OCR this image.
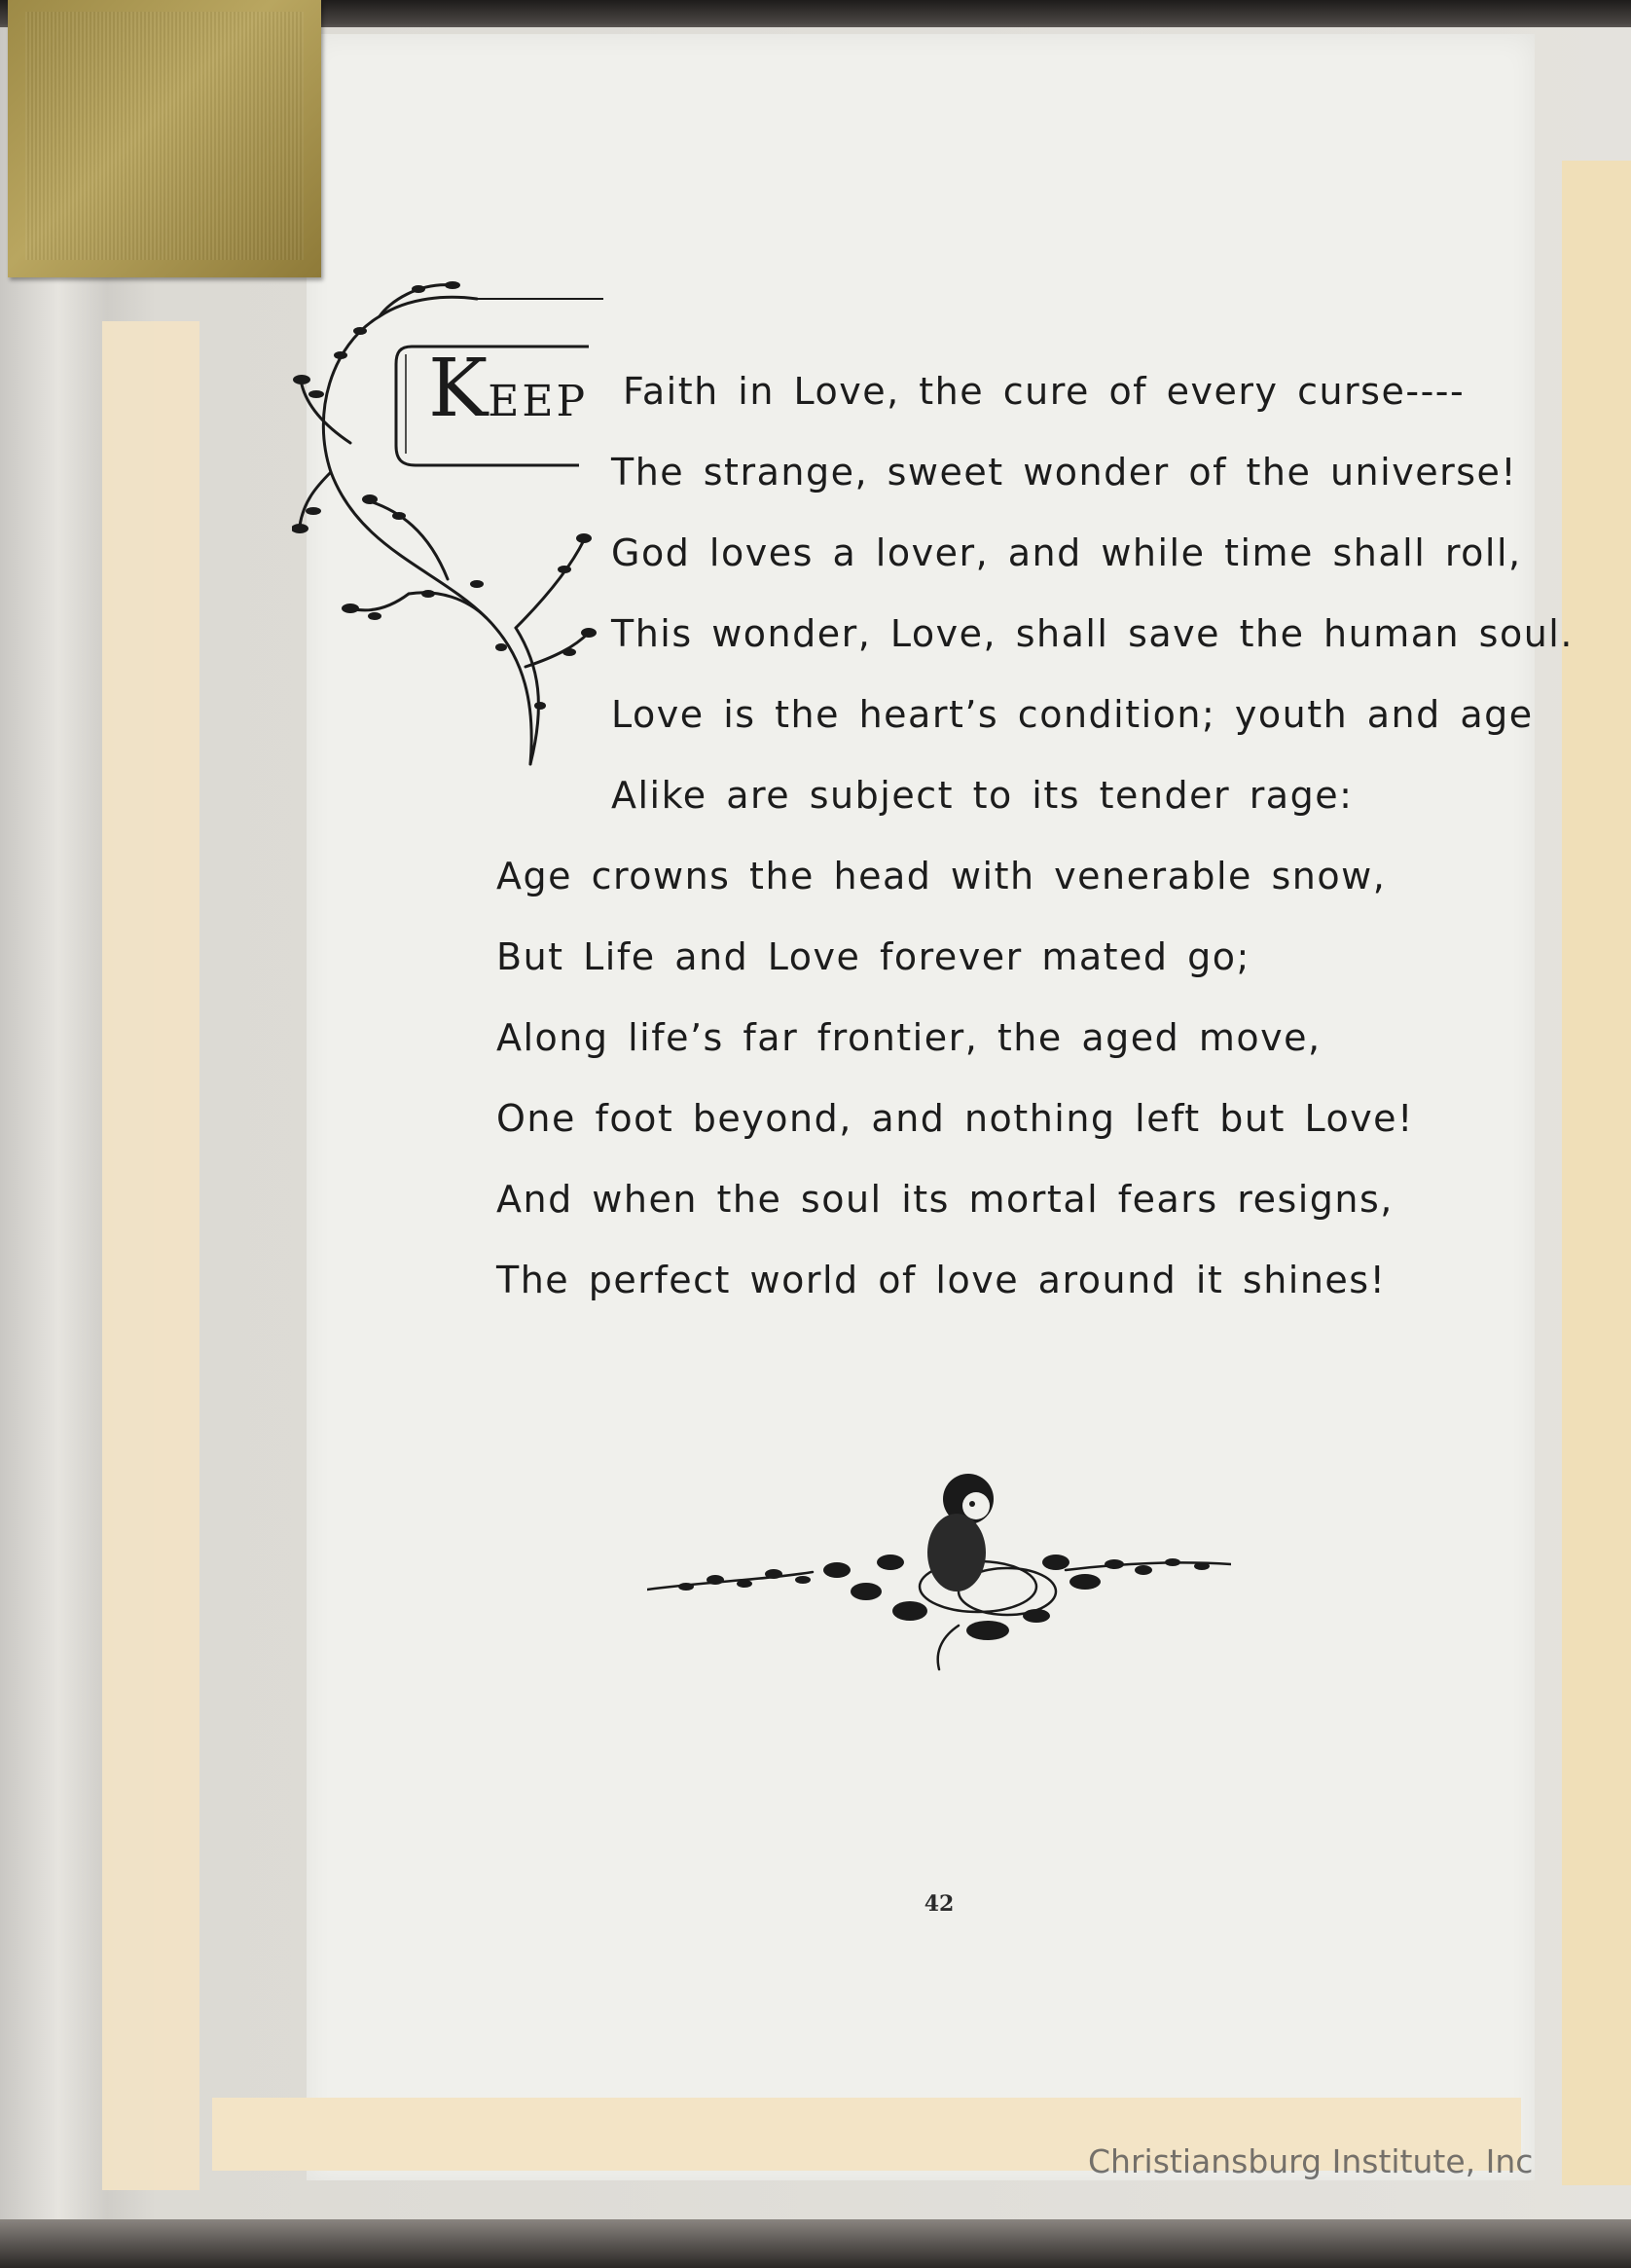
KEEP Faith in Love, the cure of every curse----
The strange, sweet wonder of the universe!
God loves a lover, and while time shall roll,
This wonder, Love, shall save the human soul.
Love is the heart’s condition; youth and age
Alike are subject to its tender rage:
Age crowns the head with venerable snow,
But Life and Love forever mated go;
Along life’s far frontier, the aged move,
One foot beyond, and nothing left but Love!
And when the soul its mortal fears resigns,
The perfect world of love around it shines!
42
Christiansburg Institute, Inc
